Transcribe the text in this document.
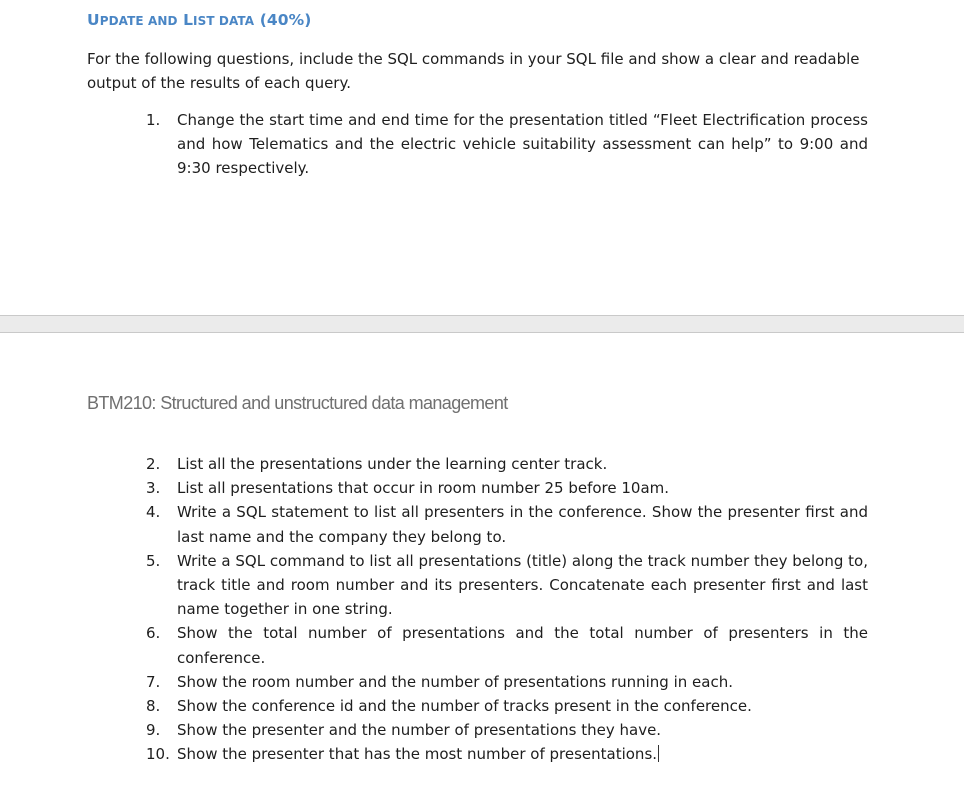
UPDATE AND LIST DATA (40%)

For the following questions, include the SQL commands in your SQL file and show a clear and readable output of the results of each query.

1.	Change the start time and end time for the presentation titled “Fleet Electrification process and how Telematics and the electric vehicle suitability assessment can help” to 9:00 and 9:30 respectively.
BTM210: Structured and unstructured data management
2.	List all the presentations under the learning center track.
3.	List all presentations that occur in room number 25 before 10am.
4.	Write a SQL statement to list all presenters in the conference. Show the presenter first and last name and the company they belong to.
5.	Write a SQL command to list all presentations (title) along the track number they belong to, track title and room number and its presenters. Concatenate each presenter first and last name together in one string.
6.	Show the total number of presentations and the total number of presenters in the conference.
7.	Show the room number and the number of presentations running in each.
8.	Show the conference id and the number of tracks present in the conference.
9.	Show the presenter and the number of presentations they have.
10. Show the presenter that has the most number of presentations.
